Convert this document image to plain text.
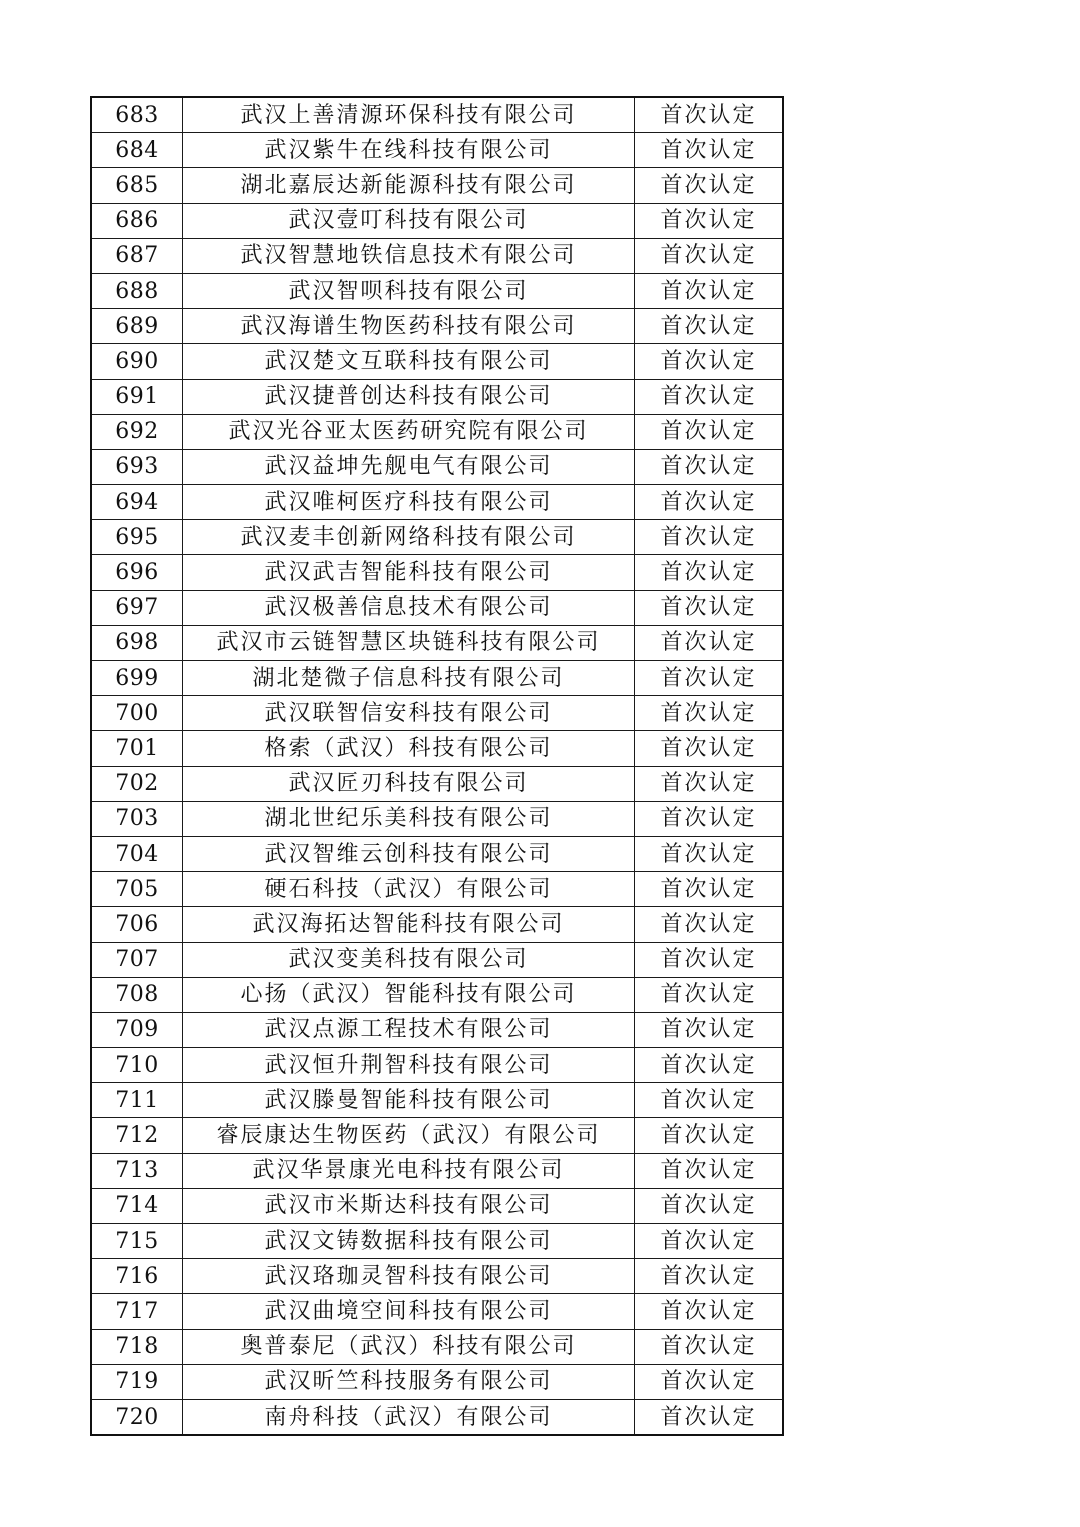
683	武汉上善清源环保科技有限公司	首次认定
684	武汉紫牛在线科技有限公司	首次认定
685	湖北嘉辰达新能源科技有限公司	首次认定
686	武汉壹叮科技有限公司	首次认定
687	武汉智慧地铁信息技术有限公司	首次认定
688	武汉智呗科技有限公司	首次认定
689	武汉海谱生物医药科技有限公司	首次认定
690	武汉楚文互联科技有限公司	首次认定
691	武汉捷普创达科技有限公司	首次认定
692	武汉光谷亚太医药研究院有限公司	首次认定
693	武汉益坤先舰电气有限公司	首次认定
694	武汉唯柯医疗科技有限公司	首次认定
695	武汉麦丰创新网络科技有限公司	首次认定
696	武汉武吉智能科技有限公司	首次认定
697	武汉极善信息技术有限公司	首次认定
698	武汉市云链智慧区块链科技有限公司	首次认定
699	湖北楚微子信息科技有限公司	首次认定
700	武汉联智信安科技有限公司	首次认定
701	格索（武汉）科技有限公司	首次认定
702	武汉匠刃科技有限公司	首次认定
703	湖北世纪乐美科技有限公司	首次认定
704	武汉智维云创科技有限公司	首次认定
705	硬石科技（武汉）有限公司	首次认定
706	武汉海拓达智能科技有限公司	首次认定
707	武汉变美科技有限公司	首次认定
708	心扬（武汉）智能科技有限公司	首次认定
709	武汉点源工程技术有限公司	首次认定
710	武汉恒升荆智科技有限公司	首次认定
711	武汉滕曼智能科技有限公司	首次认定
712	睿辰康达生物医药（武汉）有限公司	首次认定
713	武汉华景康光电科技有限公司	首次认定
714	武汉市米斯达科技有限公司	首次认定
715	武汉文铸数据科技有限公司	首次认定
716	武汉珞珈灵智科技有限公司	首次认定
717	武汉曲境空间科技有限公司	首次认定
718	奥普泰尼（武汉）科技有限公司	首次认定
719	武汉昕竺科技服务有限公司	首次认定
720	南舟科技（武汉）有限公司	首次认定
